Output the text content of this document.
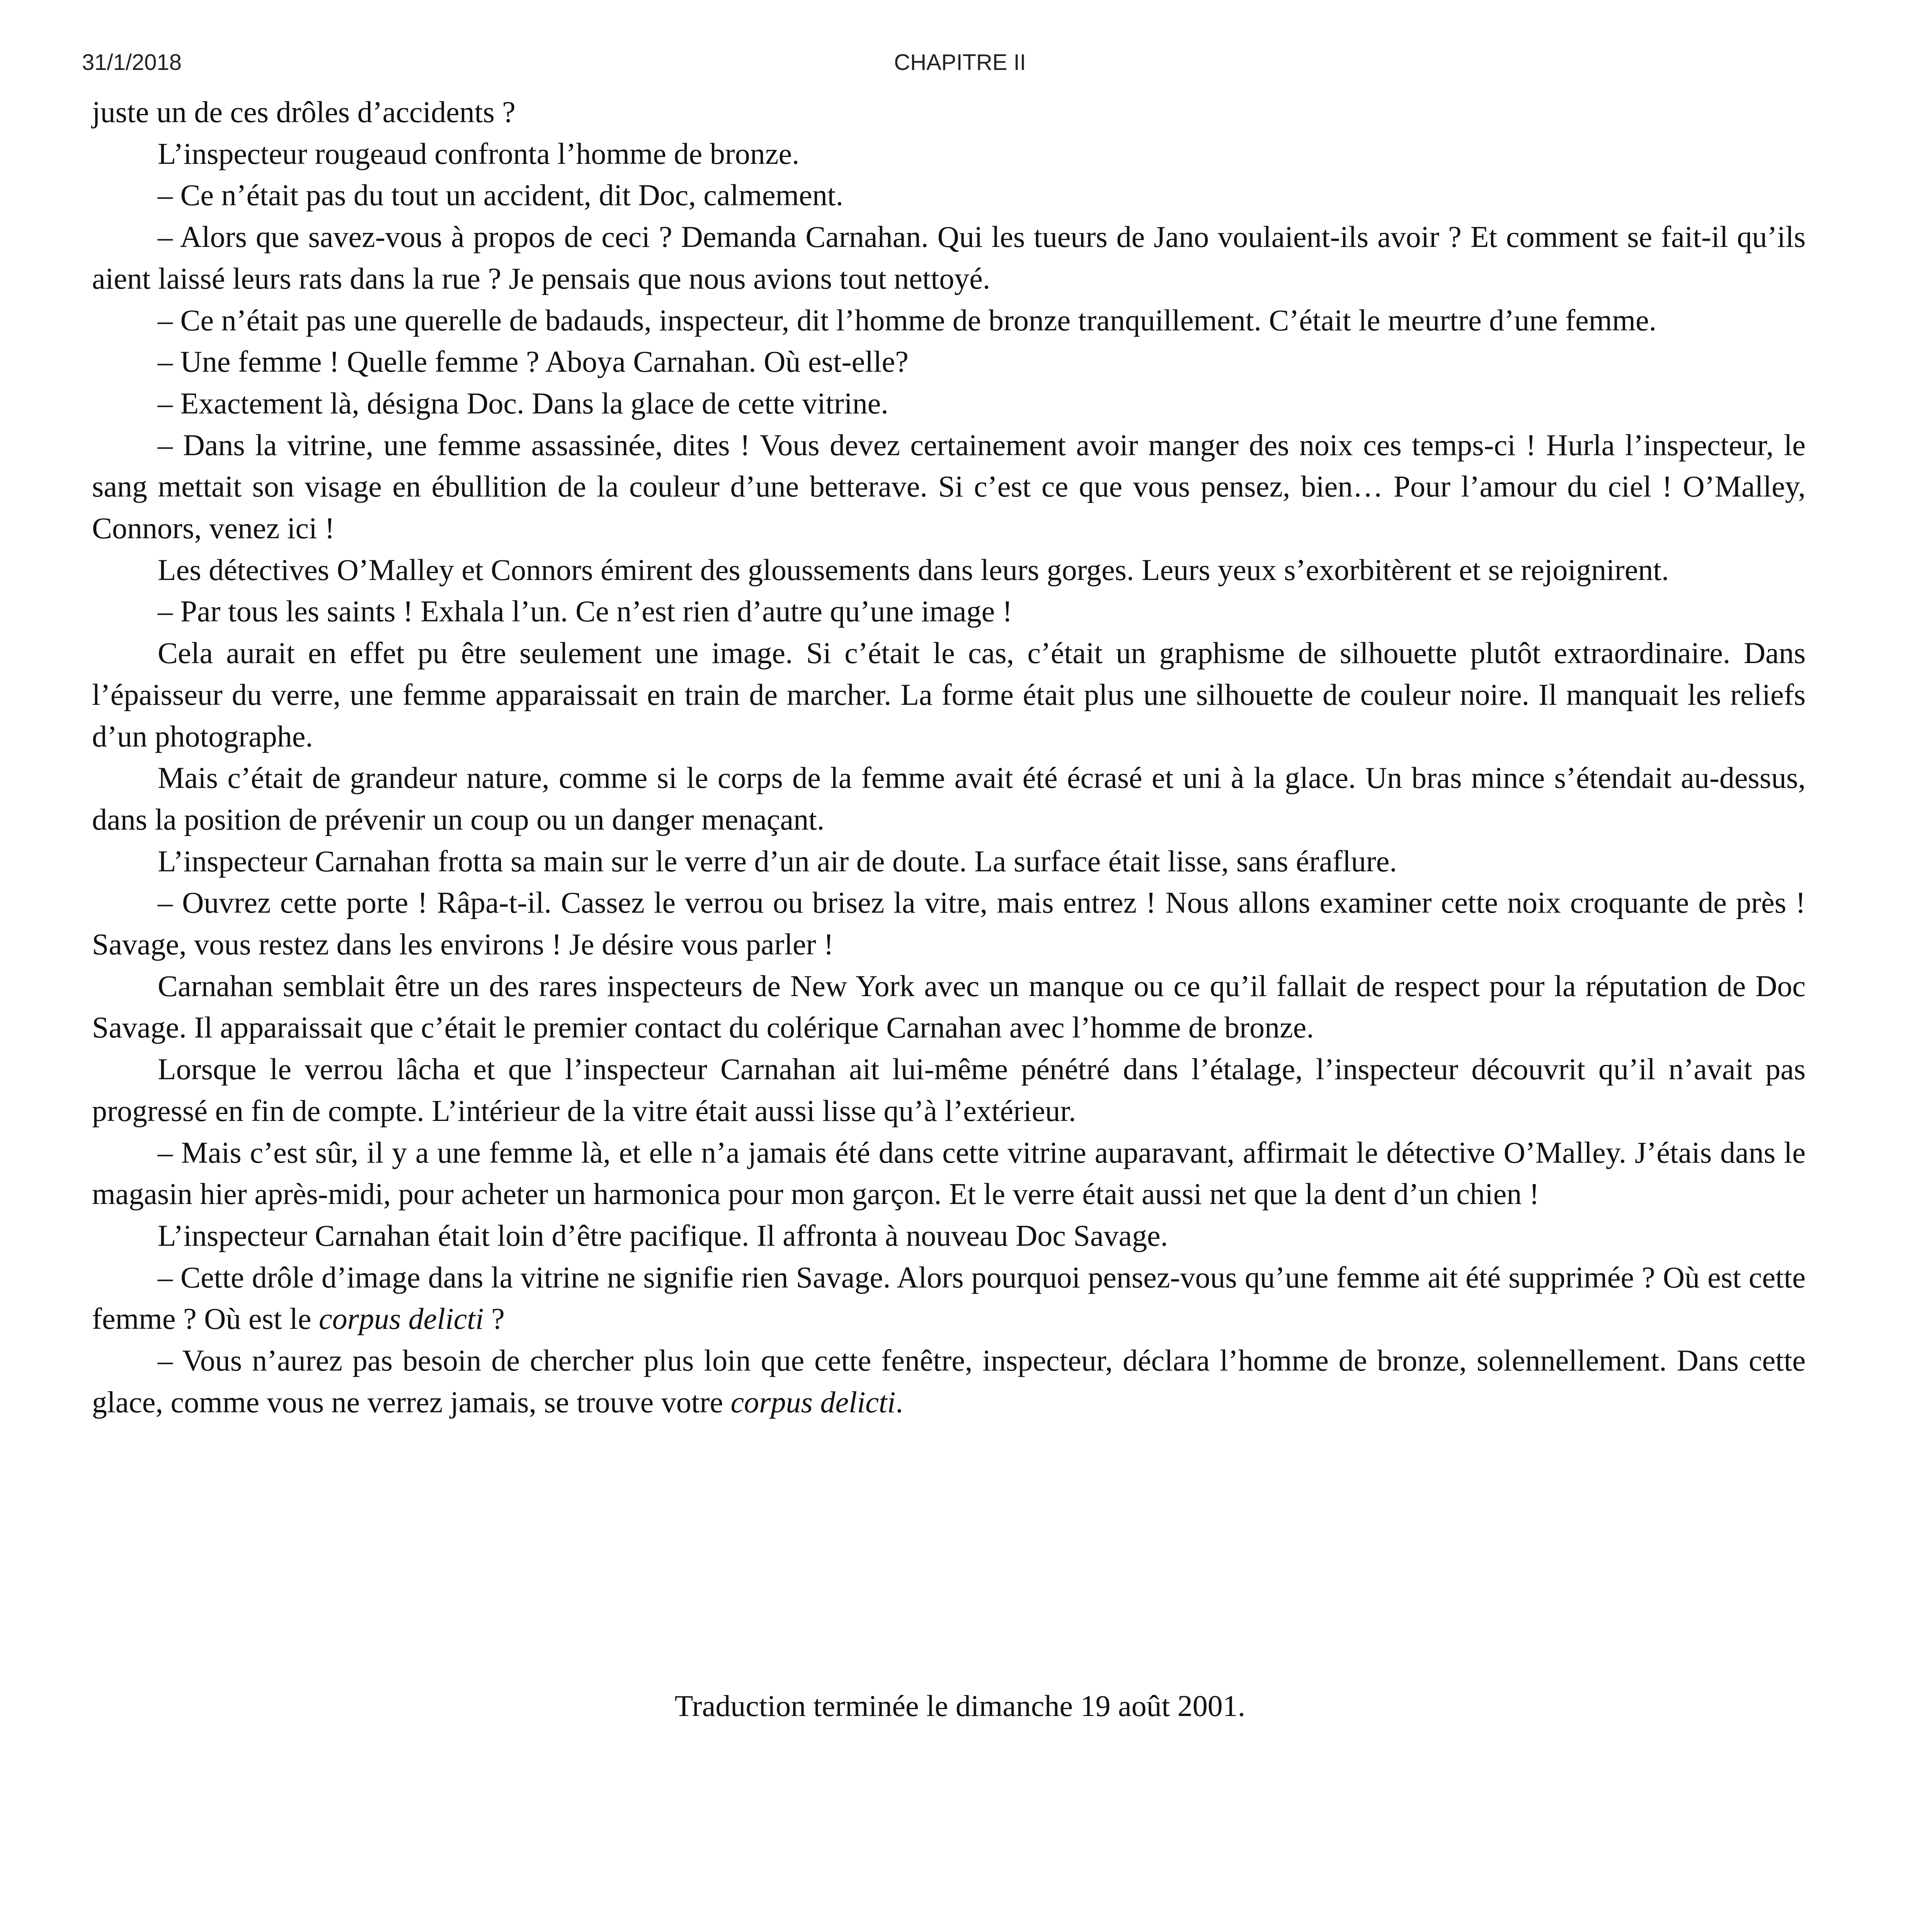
31/1/2018	CHAPITRE II

juste un de ces drôles d’accidents ?

L’inspecteur rougeaud confronta l’homme de bronze.

– Ce n’était pas du tout un accident, dit Doc, calmement.

– Alors que savez-vous à propos de ceci ? Demanda Carnahan. Qui les tueurs de Jano voulaient-ils avoir ? Et comment se fait-il qu’ils aient laissé leurs rats dans la rue ? Je pensais que nous avions tout nettoyé.

– Ce n’était pas une querelle de badauds, inspecteur, dit l’homme de bronze tranquillement. C’était le meurtre d’une femme.

– Une femme ! Quelle femme ? Aboya Carnahan. Où est-elle?

– Exactement là, désigna Doc. Dans la glace de cette vitrine.

– Dans la vitrine, une femme assassinée, dites ! Vous devez certainement avoir manger des noix ces temps-ci ! Hurla l’inspecteur, le sang mettait son visage en ébullition de la couleur d’une betterave. Si c’est ce que vous pensez, bien… Pour l’amour du ciel ! O’Malley, Connors, venez ici !

Les détectives O’Malley et Connors émirent des gloussements dans leurs gorges. Leurs yeux s’exorbitèrent et se rejoignirent.

– Par tous les saints ! Exhala l’un. Ce n’est rien d’autre qu’une image !

Cela aurait en effet pu être seulement une image. Si c’était le cas, c’était un graphisme de silhouette plutôt extraordinaire. Dans l’épaisseur du verre, une femme apparaissait en train de marcher. La forme était plus une silhouette de couleur noire. Il manquait les reliefs d’un photographe.

Mais c’était de grandeur nature, comme si le corps de la femme avait été écrasé et uni à la glace. Un bras mince s’étendait au-dessus, dans la position de prévenir un coup ou un danger menaçant.

L’inspecteur Carnahan frotta sa main sur le verre d’un air de doute. La surface était lisse, sans éraflure.

– Ouvrez cette porte ! Râpa-t-il. Cassez le verrou ou brisez la vitre, mais entrez ! Nous allons examiner cette noix croquante de près ! Savage, vous restez dans les environs ! Je désire vous parler !

Carnahan semblait être un des rares inspecteurs de New York avec un manque ou ce qu’il fallait de respect pour la réputation de Doc Savage. Il apparaissait que c’était le premier contact du colérique Carnahan avec l’homme de bronze.

Lorsque le verrou lâcha et que l’inspecteur Carnahan ait lui-même pénétré dans l’étalage, l’inspecteur découvrit qu’il n’avait pas progressé en fin de compte. L’intérieur de la vitre était aussi lisse qu’à l’extérieur.

– Mais c’est sûr, il y a une femme là, et elle n’a jamais été dans cette vitrine auparavant, affirmait le détective O’Malley. J’étais dans le magasin hier après-midi, pour acheter un harmonica pour mon garçon. Et le verre était aussi net que la dent d’un chien !

L’inspecteur Carnahan était loin d’être pacifique. Il affronta à nouveau Doc Savage.

– Cette drôle d’image dans la vitrine ne signifie rien Savage. Alors pourquoi pensez-vous qu’une femme ait été supprimée ? Où est cette femme ? Où est le corpus delicti ?

– Vous n’aurez pas besoin de chercher plus loin que cette fenêtre, inspecteur, déclara l’homme de bronze, solennellement. Dans cette glace, comme vous ne verrez jamais, se trouve votre corpus delicti.

Traduction terminée le dimanche 19 août 2001.
